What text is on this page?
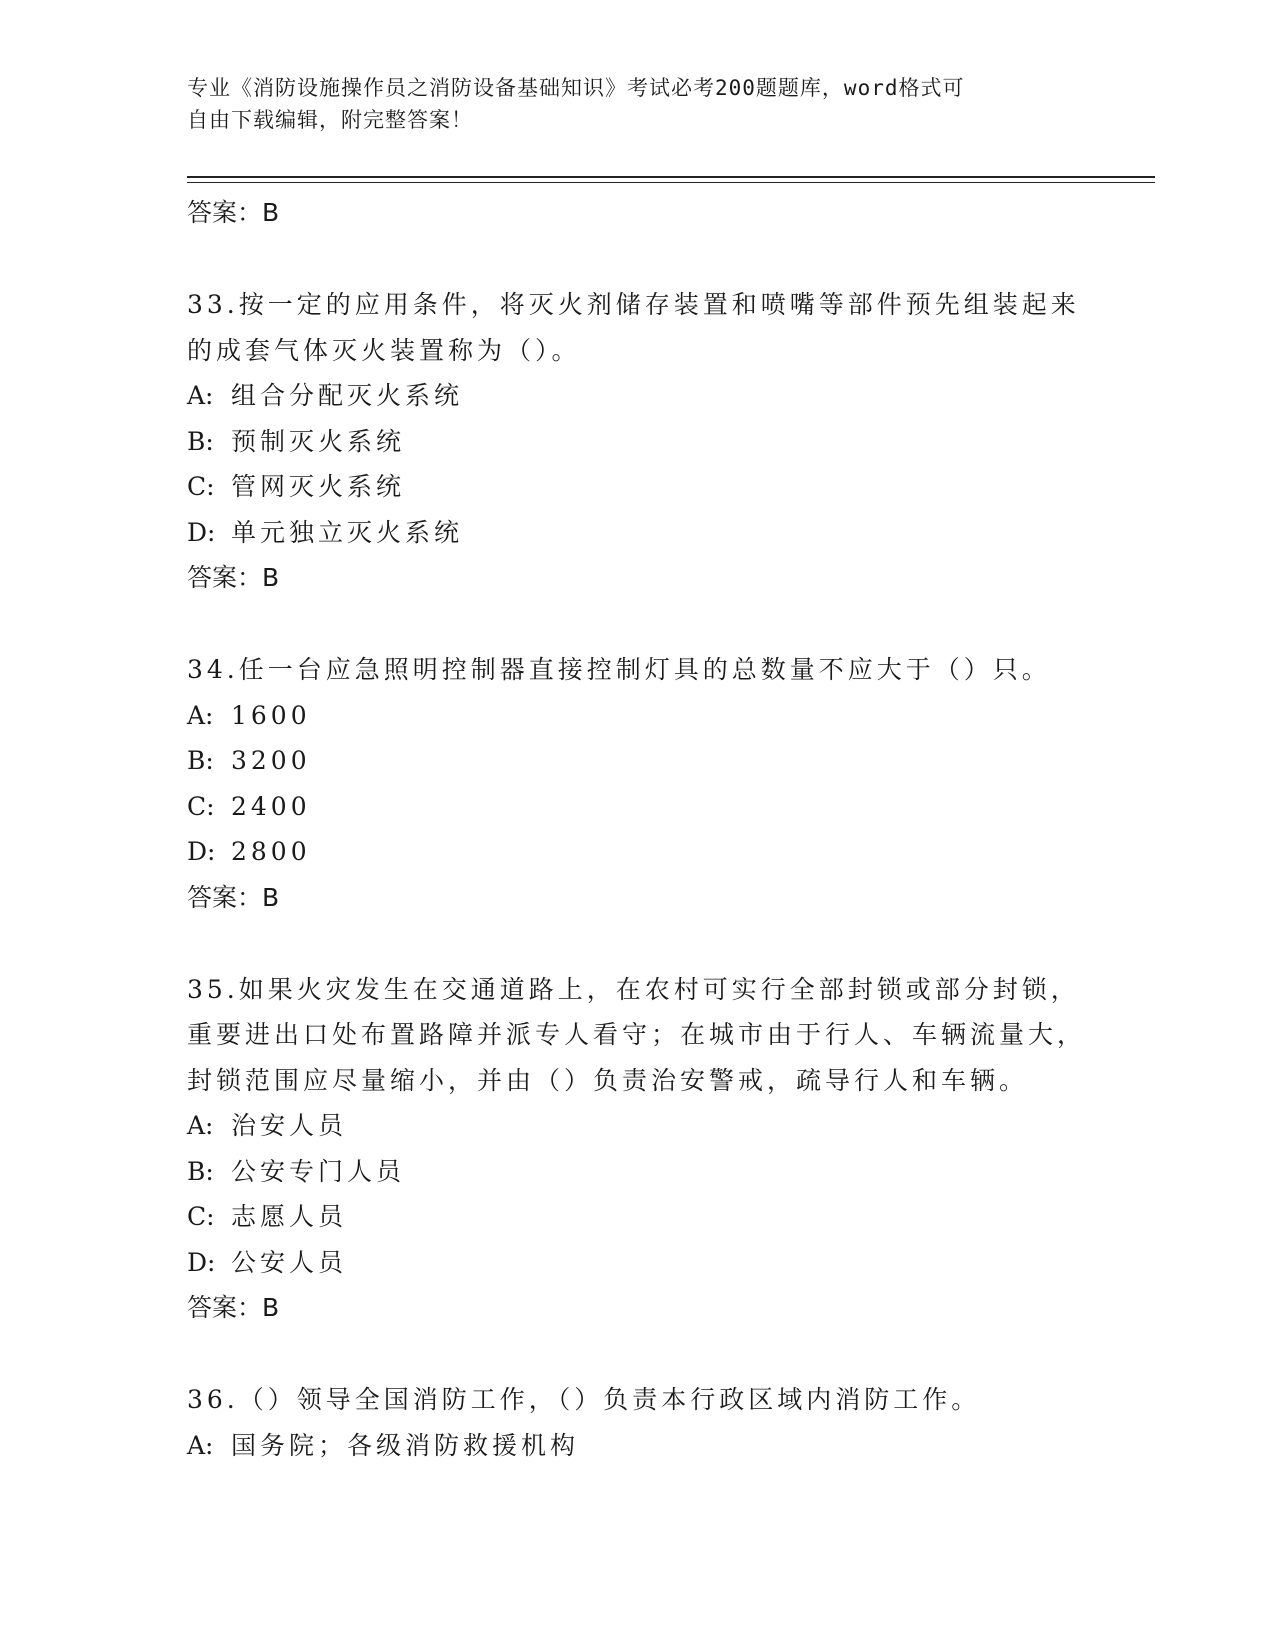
专业《消防设施操作员之消防设备基础知识》考试必考200题题库，word格式可
自由下载编辑，附完整答案！
答案：B
33.按一定的应用条件，将灭火剂储存装置和喷嘴等部件预先组装起来的成套气体灭火装置称为（）。
A: 组合分配灭火系统
B: 预制灭火系统
C: 管网灭火系统
D: 单元独立灭火系统
答案：B
34.任一台应急照明控制器直接控制灯具的总数量不应大于（）只。
A: 1600
B: 3200
C: 2400
D: 2800
答案：B
35.如果火灾发生在交通道路上，在农村可实行全部封锁或部分封锁，重要进出口处布置路障并派专人看守；在城市由于行人、车辆流量大，封锁范围应尽量缩小，并由（）负责治安警戒，疏导行人和车辆。
A: 治安人员
B: 公安专门人员
C: 志愿人员
D: 公安人员
答案：B
36.（）领导全国消防工作，（）负责本行政区域内消防工作。
A: 国务院；各级消防救援机构
